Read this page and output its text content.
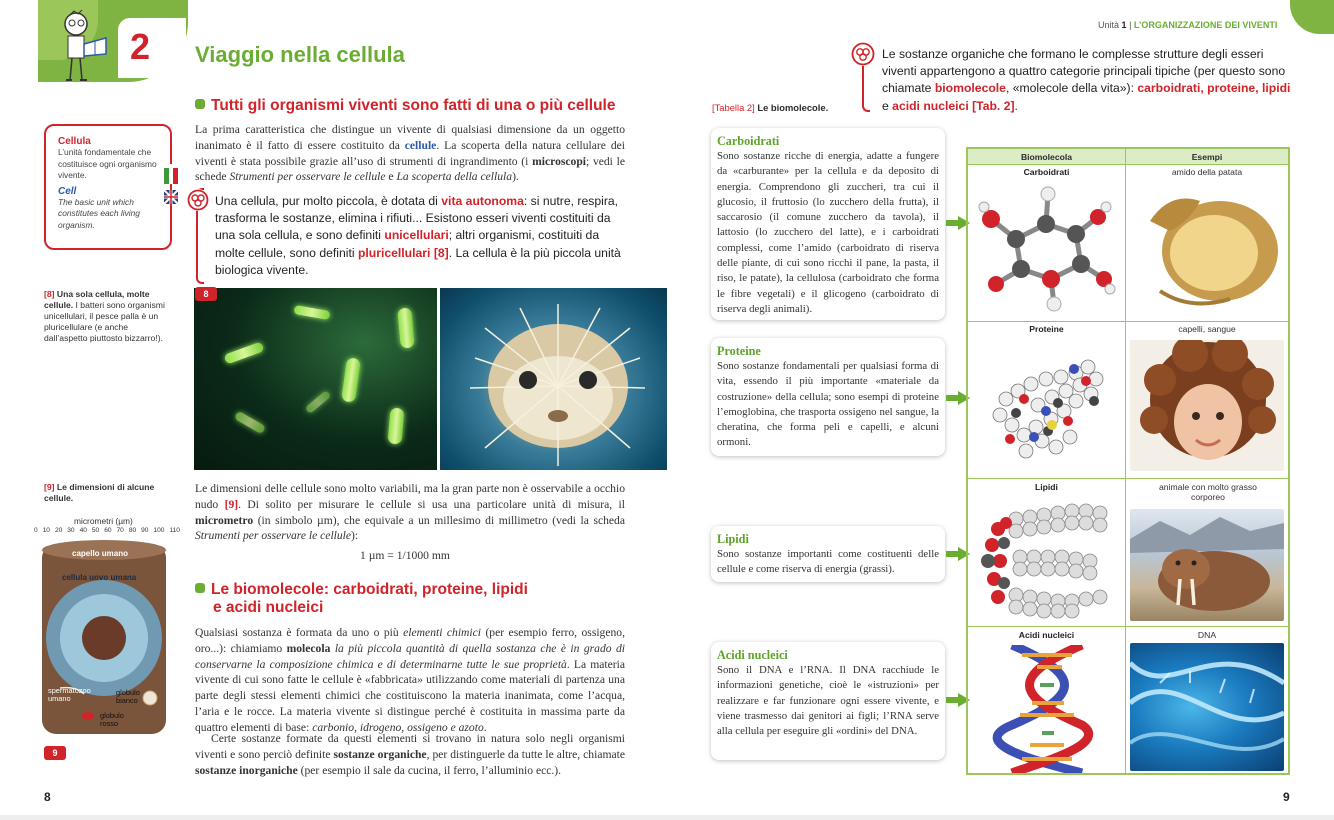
2 Viaggio nella cellula
Tutti gli organismi viventi sono fatti di una o più cellule
Cellula
L’unità fondamentale che costituisce ogni organismo vivente.
Cell
The basic unit which constitutes each living organism.
La prima caratteristica che distingue un vivente di qualsiasi dimensione da un oggetto inanimato è il fatto di essere costituito da cellule. La scoperta della natura cellulare dei viventi è stata possibile grazie all’uso di strumenti di ingrandimento (i microscopi; vedi le schede Strumenti per osservare le cellule e La scoperta della cellula).
Una cellula, pur molto piccola, è dotata di vita autonoma: si nutre, respira, trasforma le sostanze, elimina i rifiuti... Esistono esseri viventi costituiti da una sola cellula, e sono definiti unicellulari; altri organismi, costituiti da molte cellule, sono definiti pluricellulari [8]. La cellula è la più piccola unità biologica vivente.
[8] Una sola cellula, molte cellule. I batteri sono organismi unicellulari, il pesce palla è un pluricellulare (e anche dall’aspetto piuttosto bizzarro!).
8
Le dimensioni delle cellule sono molto variabili, ma la gran parte non è osservabile a occhio nudo [9]. Di solito per misurare le cellule si usa una particolare unità di misura, il micrometro (in simbolo µm), che equivale a un millesimo di millimetro (vedi la scheda Strumenti per osservare le cellule):
1 µm = 1/1000 mm
[9] Le dimensioni di alcune cellule.
micrometri (µm)
0 10 20 30 40 50 60 70 80 90 100 110
capello umano
cellula uovo umana
spermatozoo umano
globulo bianco
globulo rosso
9
Le biomolecole: carboidrati, proteine, lipidi
e acidi nucleici
Qualsiasi sostanza è formata da uno o più elementi chimici (per esempio ferro, ossigeno, oro...): chiamiamo molecola la più piccola quantità di quella sostanza che è in grado di conservarne la composizione chimica e di determinarne tutte le sue proprietà. La materia vivente di cui sono fatte le cellule è «fabbricata» utilizzando come materiali di partenza una parte degli stessi elementi chimici che costituiscono la materia inanimata, come l’acqua, l’aria e le rocce. La materia vivente si distingue perché è costituita in massima parte da quattro elementi di base: carbonio, idrogeno, ossigeno e azoto.
Certe sostanze formate da questi elementi si trovano in natura solo negli organismi viventi e sono perciò definite sostanze organiche, per distinguerle da tutte le altre, chiamate sostanze inorganiche (per esempio il sale da cucina, il ferro, l’alluminio ecc.).
8
Unità 1 | L’ORGANIZZAZIONE DEI VIVENTI
Le sostanze organiche che formano le complesse strutture degli esseri viventi appartengono a quattro categorie principali tipiche (per questo sono chiamate biomolecole, «molecole della vita»): carboidrati, proteine, lipidi e acidi nucleici [Tab. 2].
[Tabella 2] Le biomolecole.
Carboidrati
Sono sostanze ricche di energia, adatte a fungere da «carburante» per la cellula e da deposito di energia. Comprendono gli zuccheri, tra cui il glucosio, il fruttosio (lo zucchero della frutta), il saccarosio (il comune zucchero da tavola), il lattosio (lo zucchero del latte), e i carboidrati complessi, come l’amido (carboidrato di riserva delle piante, di cui sono ricchi il pane, la pasta, il riso, le patate), la cellulosa (carboidrato che forma le fibre vegetali) e il glicogeno (carboidrato di riserva degli animali).
Proteine
Sono sostanze fondamentali per qualsiasi forma di vita, essendo il più importante «materiale da costruzione» della cellula; sono esempi di proteine l’emoglobina, che trasporta ossigeno nel sangue, la cheratina, che forma peli e capelli, e alcuni ormoni.
Lipidi
Sono sostanze importanti come costituenti delle cellule e come riserva di energia (grassi).
Acidi nucleici
Sono il DNA e l’RNA. Il DNA racchiude le informazioni genetiche, cioè le «istruzioni» per realizzare e far funzionare ogni essere vivente, e viene trasmesso dai genitori ai figli; l’RNA serve alla cellula per eseguire gli «ordini» del DNA.
Biomolecola	Esempi
Carboidrati	amido della patata
Proteine	capelli, sangue
Lipidi	animale con molto grasso corporeo
Acidi nucleici	DNA
9
